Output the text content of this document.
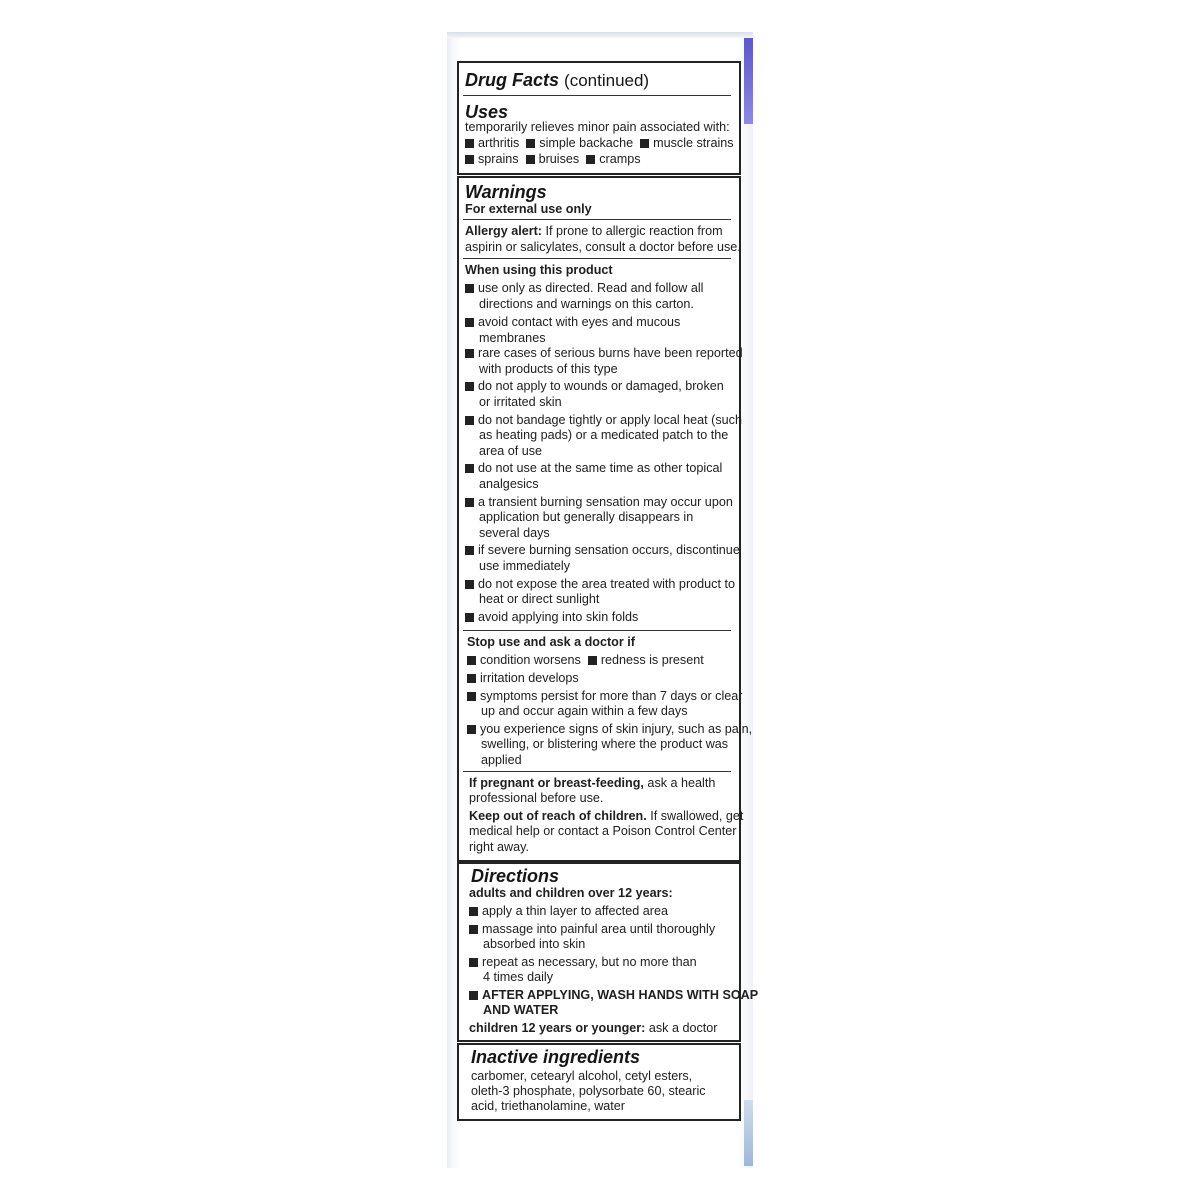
Drug Facts (continued)
Uses
temporarily relieves minor pain associated with:
arthritis simple backache muscle strains
sprains bruises cramps
Warnings
For external use only
Allergy alert: If prone to allergic reaction from
aspirin or salicylates, consult a doctor before use.
When using this product
use only as directed. Read and follow all
directions and warnings on this carton.
avoid contact with eyes and mucous
membranes
rare cases of serious burns have been reported
with products of this type
do not apply to wounds or damaged, broken
or irritated skin
do not bandage tightly or apply local heat (such
as heating pads) or a medicated patch to the
area of use
do not use at the same time as other topical
analgesics
a transient burning sensation may occur upon
application but generally disappears in
several days
if severe burning sensation occurs, discontinue
use immediately
do not expose the area treated with product to
heat or direct sunlight
avoid applying into skin folds
Stop use and ask a doctor if
condition worsens redness is present
irritation develops
symptoms persist for more than 7 days or clear
up and occur again within a few days
you experience signs of skin injury, such as pain,
swelling, or blistering where the product was
applied
If pregnant or breast-feeding, ask a health
professional before use.
Keep out of reach of children. If swallowed, get
medical help or contact a Poison Control Center
right away.
Directions
adults and children over 12 years:
apply a thin layer to affected area
massage into painful area until thoroughly
absorbed into skin
repeat as necessary, but no more than
4 times daily
AFTER APPLYING, WASH HANDS WITH SOAP
AND WATER
children 12 years or younger: ask a doctor
Inactive ingredients
carbomer, cetearyl alcohol, cetyl esters,
oleth-3 phosphate, polysorbate 60, stearic
acid, triethanolamine, water
